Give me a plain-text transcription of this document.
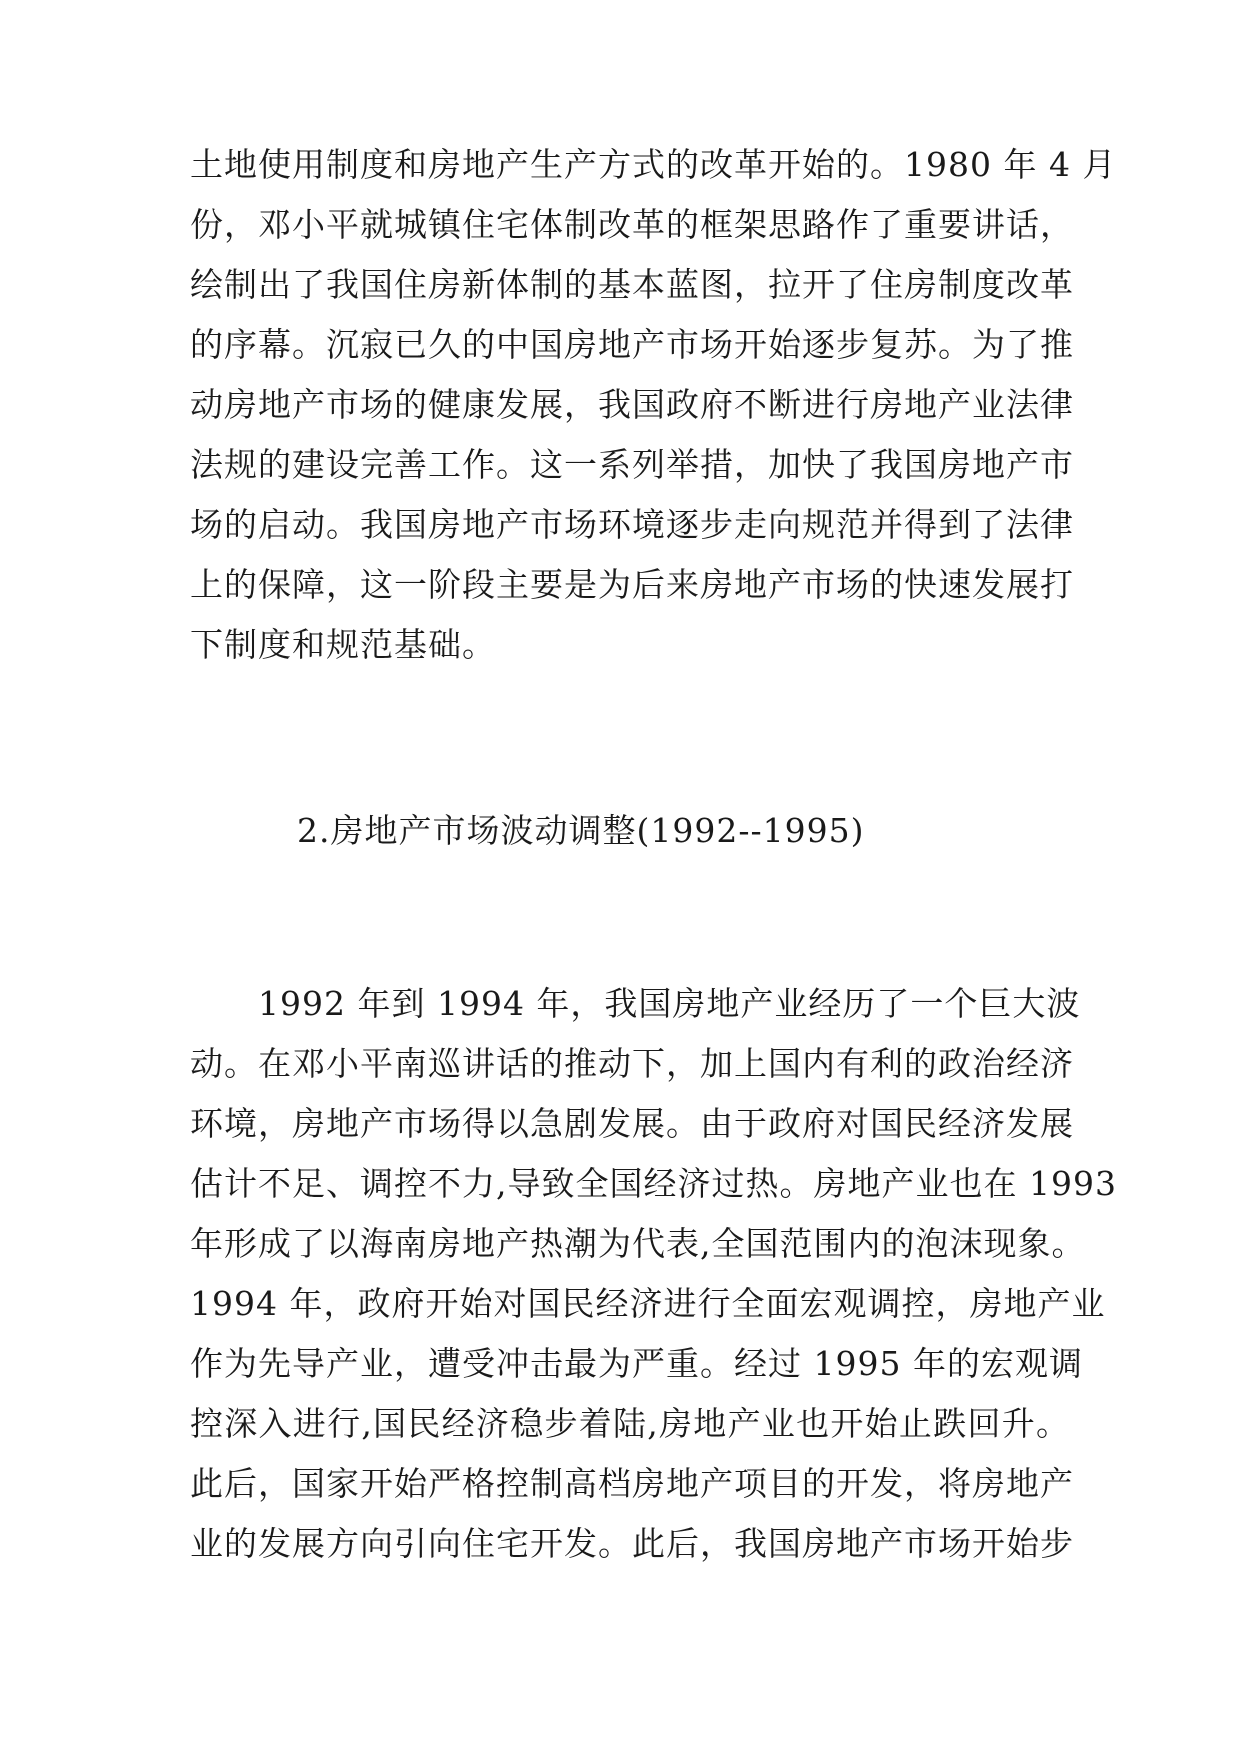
土地使用制度和房地产生产方式的改革开始的。1980 年 4 月
份，邓小平就城镇住宅体制改革的框架思路作了重要讲话，
绘制出了我国住房新体制的基本蓝图，拉开了住房制度改革
的序幕。沉寂已久的中国房地产市场开始逐步复苏。为了推
动房地产市场的健康发展，我国政府不断进行房地产业法律
法规的建设完善工作。这一系列举措，加快了我国房地产市
场的启动。我国房地产市场环境逐步走向规范并得到了法律
上的保障，这一阶段主要是为后来房地产市场的快速发展打
下制度和规范基础。
2.房地产市场波动调整(1992--1995)
　　1992 年到 1994 年，我国房地产业经历了一个巨大波
动。在邓小平南巡讲话的推动下，加上国内有利的政治经济
环境，房地产市场得以急剧发展。由于政府对国民经济发展
估计不足、调控不力,导致全国经济过热。房地产业也在 1993
年形成了以海南房地产热潮为代表,全国范围内的泡沫现象。
1994 年，政府开始对国民经济进行全面宏观调控，房地产业
作为先导产业，遭受冲击最为严重。经过 1995 年的宏观调
控深入进行,国民经济稳步着陆,房地产业也开始止跌回升。
此后，国家开始严格控制高档房地产项目的开发，将房地产
业的发展方向引向住宅开发。此后，我国房地产市场开始步
